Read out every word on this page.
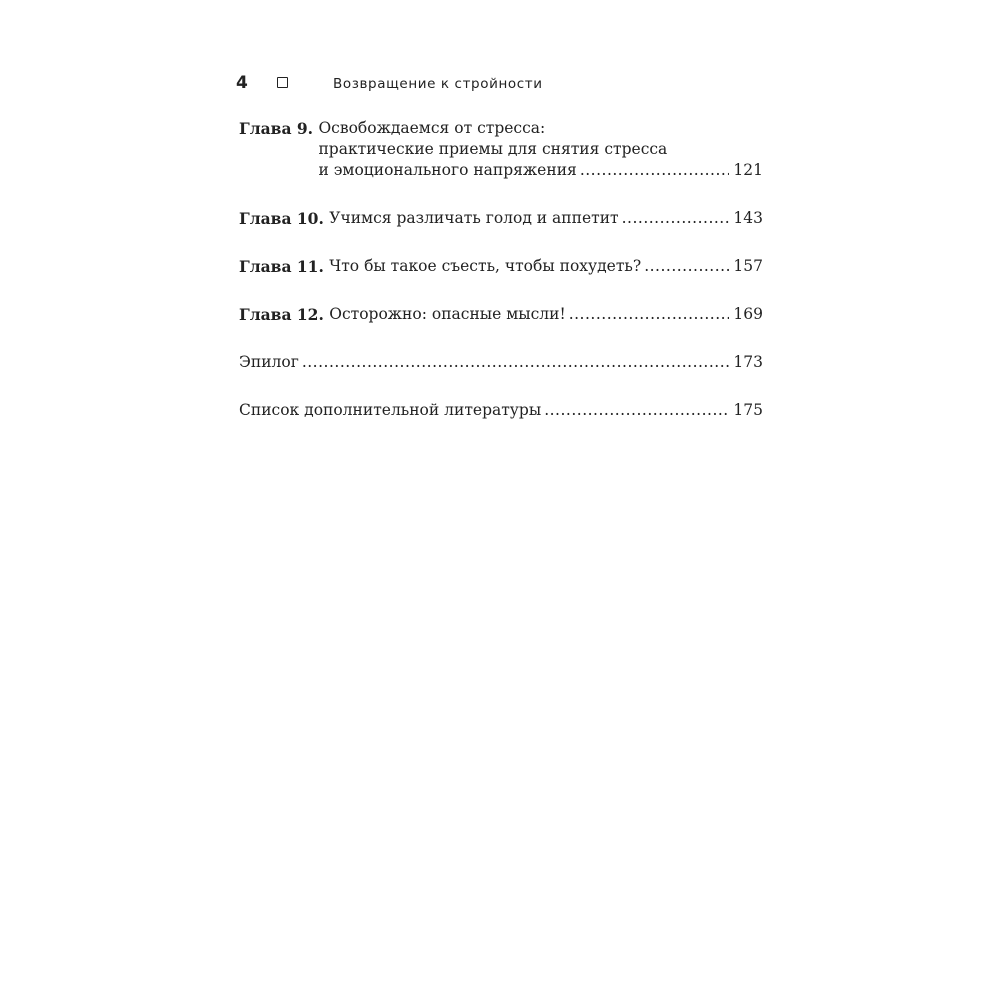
4	Возвращение к стройности
Глава 9. Освобождаемся от стресса:
практические приемы для снятия стресса
и эмоционального напряжения .....	121
Глава 10. Учимся различать голод и аппетит .....	143
Глава 11. Что бы такое съесть, чтобы похудеть? .....	157
Глава 12. Осторожно: опасные мысли! .....	169
Эпилог .....	173
Список дополнительной литературы .....	175
